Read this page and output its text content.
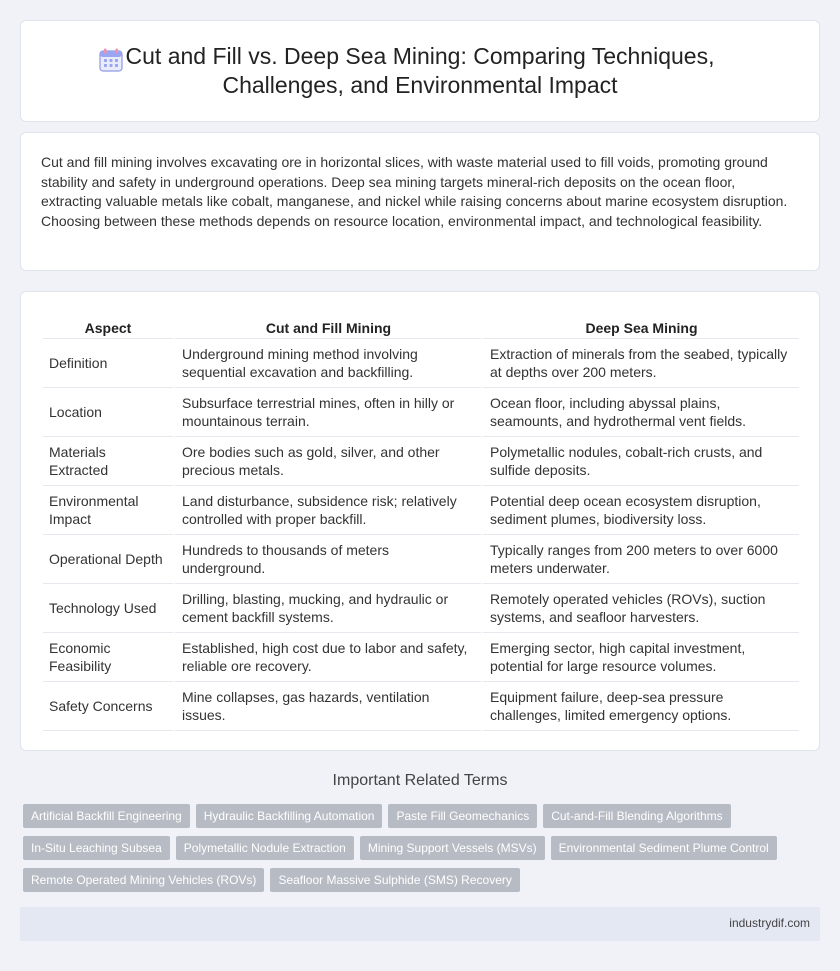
Cut and Fill vs. Deep Sea Mining: Comparing Techniques, Challenges, and Environmental Impact

Cut and fill mining involves excavating ore in horizontal slices, with waste material used to fill voids, promoting ground stability and safety in underground operations. Deep sea mining targets mineral-rich deposits on the ocean floor, extracting valuable metals like cobalt, manganese, and nickel while raising concerns about marine ecosystem disruption. Choosing between these methods depends on resource location, environmental impact, and technological feasibility.

Aspect	Cut and Fill Mining	Deep Sea Mining
Definition	Underground mining method involving sequential excavation and backfilling.	Extraction of minerals from the seabed, typically at depths over 200 meters.
Location	Subsurface terrestrial mines, often in hilly or mountainous terrain.	Ocean floor, including abyssal plains, seamounts, and hydrothermal vent fields.
Materials Extracted	Ore bodies such as gold, silver, and other precious metals.	Polymetallic nodules, cobalt-rich crusts, and sulfide deposits.
Environmental Impact	Land disturbance, subsidence risk; relatively controlled with proper backfill.	Potential deep ocean ecosystem disruption, sediment plumes, biodiversity loss.
Operational Depth	Hundreds to thousands of meters underground.	Typically ranges from 200 meters to over 6000 meters underwater.
Technology Used	Drilling, blasting, mucking, and hydraulic or cement backfill systems.	Remotely operated vehicles (ROVs), suction systems, and seafloor harvesters.
Economic Feasibility	Established, high cost due to labor and safety, reliable ore recovery.	Emerging sector, high capital investment, potential for large resource volumes.
Safety Concerns	Mine collapses, gas hazards, ventilation issues.	Equipment failure, deep-sea pressure challenges, limited emergency options.
Important Related Terms
Artificial Backfill Engineering	Hydraulic Backfilling Automation	Paste Fill Geomechanics	Cut-and-Fill Blending Algorithms
In-Situ Leaching Subsea	Polymetallic Nodule Extraction	Mining Support Vessels (MSVs)	Environmental Sediment Plume Control
Remote Operated Mining Vehicles (ROVs)	Seafloor Massive Sulphide (SMS) Recovery
industrydif.com
